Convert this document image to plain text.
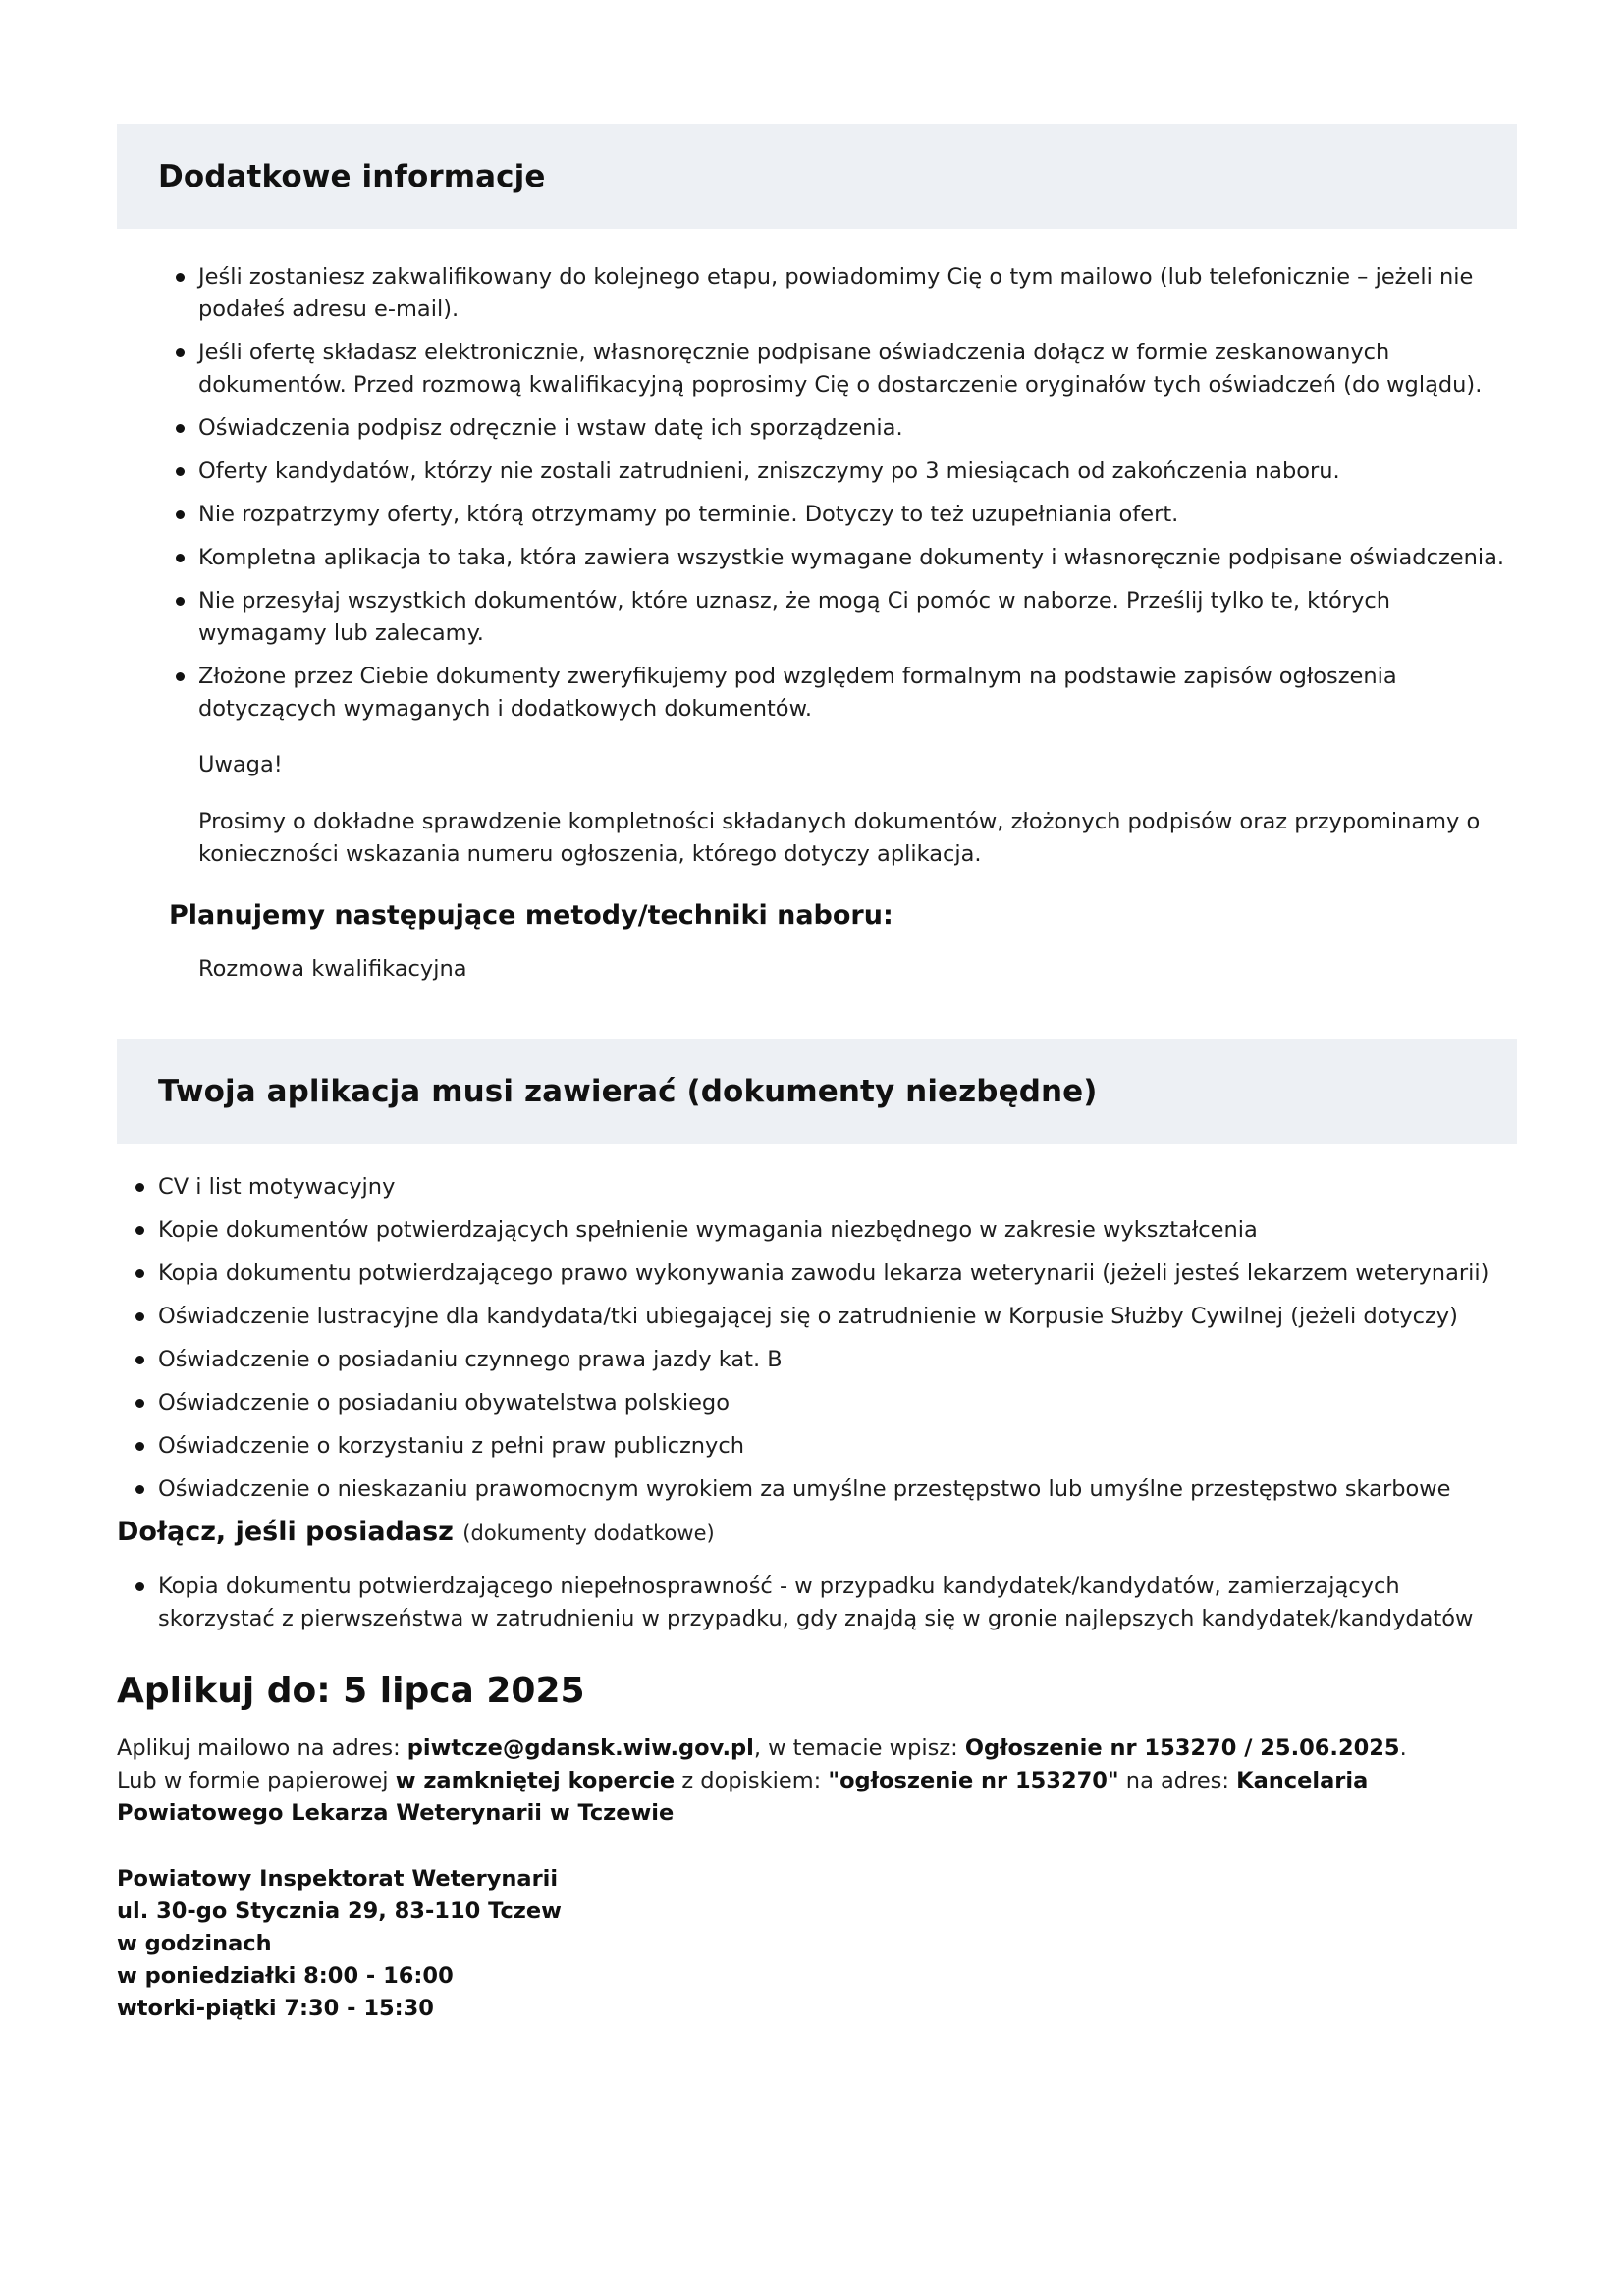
Dodatkowe informacje
Jeśli zostaniesz zakwalifikowany do kolejnego etapu, powiadomimy Cię o tym mailowo (lub telefonicznie – jeżeli nie podałeś adresu e-mail).
Jeśli ofertę składasz elektronicznie, własnoręcznie podpisane oświadczenia dołącz w formie zeskanowanych dokumentów. Przed rozmową kwalifikacyjną poprosimy Cię o dostarczenie oryginałów tych oświadczeń (do wglądu).
Oświadczenia podpisz odręcznie i wstaw datę ich sporządzenia.
Oferty kandydatów, którzy nie zostali zatrudnieni, zniszczymy po 3 miesiącach od zakończenia naboru.
Nie rozpatrzymy oferty, którą otrzymamy po terminie. Dotyczy to też uzupełniania ofert.
Kompletna aplikacja to taka, która zawiera wszystkie wymagane dokumenty i własnoręcznie podpisane oświadczenia.
Nie przesyłaj wszystkich dokumentów, które uznasz, że mogą Ci pomóc w naborze. Prześlij tylko te, których wymagamy lub zalecamy.
Złożone przez Ciebie dokumenty zweryfikujemy pod względem formalnym na podstawie zapisów ogłoszenia dotyczących wymaganych i dodatkowych dokumentów.

Uwaga!

Prosimy o dokładne sprawdzenie kompletności składanych dokumentów, złożonych podpisów oraz przypominamy o konieczności wskazania numeru ogłoszenia, którego dotyczy aplikacja.

Planujemy następujące metody/techniki naboru:
Rozmowa kwalifikacyjna
Twoja aplikacja musi zawierać (dokumenty niezbędne)
CV i list motywacyjny
Kopie dokumentów potwierdzających spełnienie wymagania niezbędnego w zakresie wykształcenia
Kopia dokumentu potwierdzającego prawo wykonywania zawodu lekarza weterynarii (jeżeli jesteś lekarzem weterynarii)
Oświadczenie lustracyjne dla kandydata/tki ubiegającej się o zatrudnienie w Korpusie Służby Cywilnej (jeżeli dotyczy)
Oświadczenie o posiadaniu czynnego prawa jazdy kat. B
Oświadczenie o posiadaniu obywatelstwa polskiego
Oświadczenie o korzystaniu z pełni praw publicznych
Oświadczenie o nieskazaniu prawomocnym wyrokiem za umyślne przestępstwo lub umyślne przestępstwo skarbowe
Dołącz, jeśli posiadasz (dokumenty dodatkowe)
Kopia dokumentu potwierdzającego niepełnosprawność - w przypadku kandydatek/kandydatów, zamierzających skorzystać z pierwszeństwa w zatrudnieniu w przypadku, gdy znajdą się w gronie najlepszych kandydatek/kandydatów
Aplikuj do: 5 lipca 2025

Aplikuj mailowo na adres: piwtcze@gdansk.wiw.gov.pl, w temacie wpisz: Ogłoszenie nr 153270 / 25.06.2025.

Lub w formie papierowej w zamkniętej kopercie z dopiskiem: "ogłoszenie nr 153270" na adres: Kancelaria Powiatowego Lekarza Weterynarii w Tczewie

Powiatowy Inspektorat Weterynarii
ul. 30-go Stycznia 29, 83-110 Tczew
w godzinach
w poniedziałki 8:00 - 16:00
wtorki-piątki 7:30 - 15:30
